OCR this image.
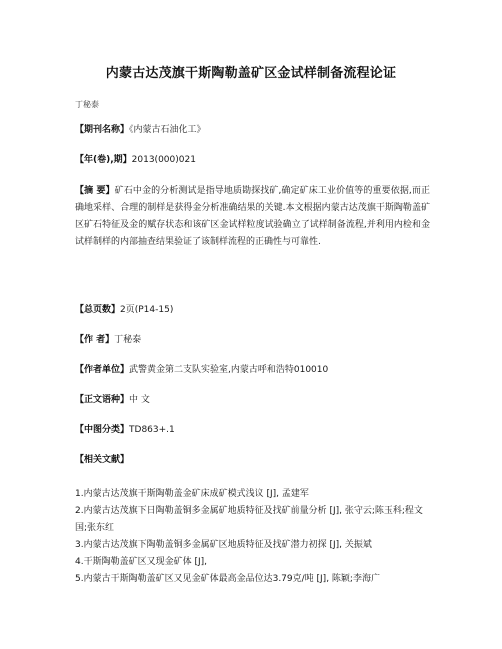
内蒙古达茂旗干斯陶勒盖矿区金试样制备流程论证
丁秘泰
【期刊名称】《内蒙古石油化工》
【年(卷),期】2013(000)021
【摘 要】矿石中金的分析测试是指导地质勘探找矿,确定矿床工业价值等的重要依据,而正确地采样、合理的制样是获得金分析准确结果的关键.本文根据内蒙古达茂旗干斯陶勒盖矿区矿石特征及金的赋存状态和该矿区金试样粒度试验确立了试样制备流程,并利用内检和金试样制样的内部抽查结果验证了该制样流程的正确性与可靠性.
【总页数】2页(P14-15)
【作 者】丁秘泰
【作者单位】武警黄金第二支队实验室,内蒙古呼和浩特010010
【正文语种】中 文
【中图分类】TD863+.1
【相关文献】
1.内蒙古达茂旗干斯陶勒盖金矿床成矿模式浅议 [J], 孟建军
2.内蒙古达茂旗下日陶勒盖铜多金属矿地质特征及找矿前量分析 [J], 张守云;陈玉科;程文国;张东红
3.内蒙古达茂旗下陶勒盖铜多金属矿区地质特征及找矿潜力初探 [J], 关振斌
4.干斯陶勒盖矿区又现金矿体 [J],
5.内蒙古干斯陶勒盖矿区又见金矿体最高金品位达3.79克/吨 [J], 陈颖;李海广
